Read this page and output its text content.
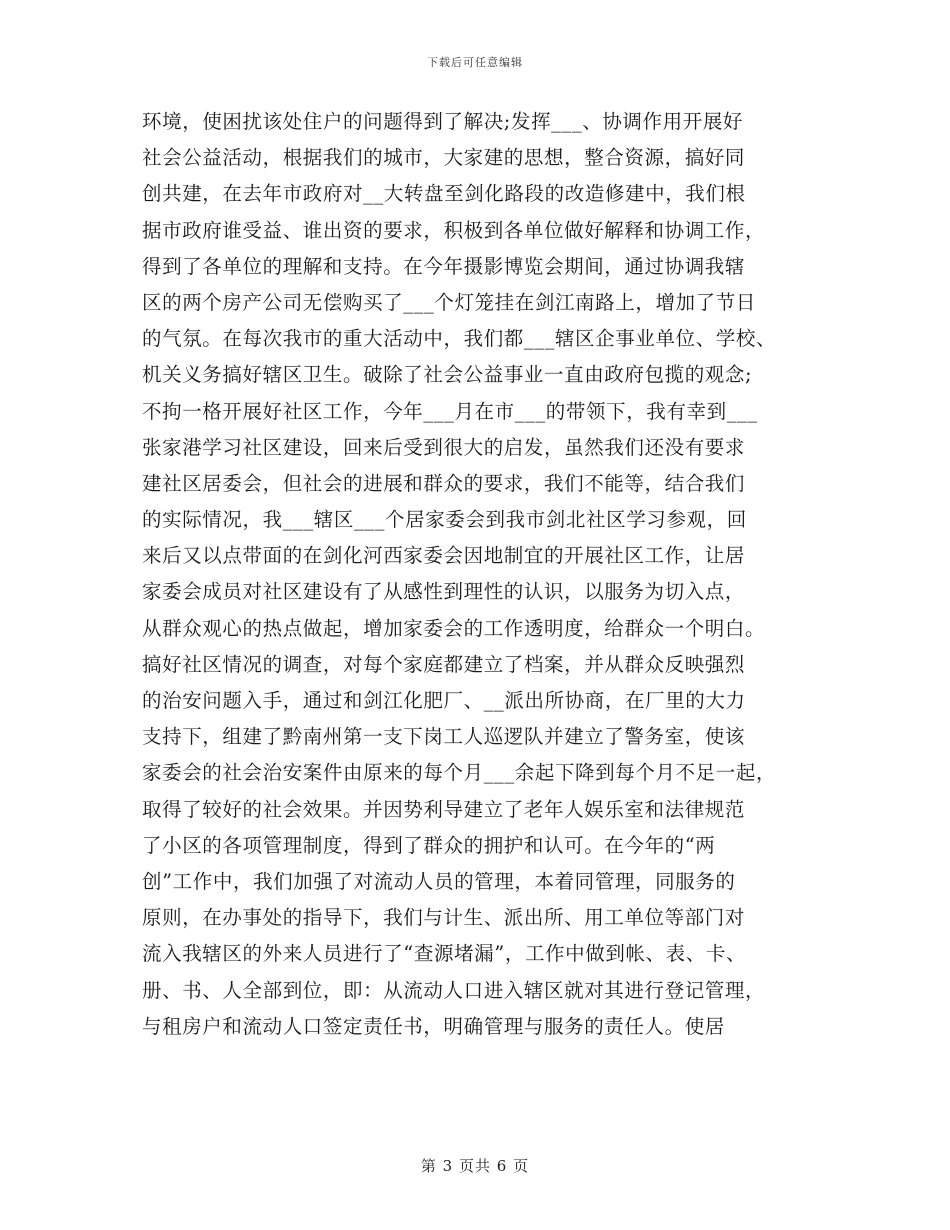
下载后可任意编辑
环境，使困扰该处住户的问题得到了解决;发挥___、协调作用开展好
社会公益活动，根据我们的城市，大家建的思想，整合资源，搞好同
创共建，在去年市政府对__大转盘至剑化路段的改造修建中，我们根
据市政府谁受益、谁出资的要求，积极到各单位做好解释和协调工作，
得到了各单位的理解和支持。在今年摄影博览会期间，通过协调我辖
区的两个房产公司无偿购买了___个灯笼挂在剑江南路上，增加了节日
的气氛。在每次我市的重大活动中，我们都___辖区企事业单位、学校、
机关义务搞好辖区卫生。破除了社会公益事业一直由政府包揽的观念;
不拘一格开展好社区工作，今年___月在市___的带领下，我有幸到___
张家港学习社区建设，回来后受到很大的启发，虽然我们还没有要求
建社区居委会，但社会的进展和群众的要求，我们不能等，结合我们
的实际情况，我___辖区___个居家委会到我市剑北社区学习参观，回
来后又以点带面的在剑化河西家委会因地制宜的开展社区工作，让居
家委会成员对社区建设有了从感性到理性的认识，以服务为切入点，
从群众观心的热点做起，增加家委会的工作透明度，给群众一个明白。
搞好社区情况的调查，对每个家庭都建立了档案，并从群众反映强烈
的治安问题入手，通过和剑江化肥厂、__派出所协商，在厂里的大力
支持下，组建了黔南州第一支下岗工人巡逻队并建立了警务室，使该
家委会的社会治安案件由原来的每个月___余起下降到每个月不足一起，
取得了较好的社会效果。并因势利导建立了老年人娱乐室和法律规范
了小区的各项管理制度，得到了群众的拥护和认可。在今年的“两
创”工作中，我们加强了对流动人员的管理，本着同管理，同服务的
原则，在办事处的指导下，我们与计生、派出所、用工单位等部门对
流入我辖区的外来人员进行了“查源堵漏”，工作中做到帐、表、卡、
册、书、人全部到位，即：从流动人口进入辖区就对其进行登记管理，
与租房户和流动人口签定责任书，明确管理与服务的责任人。使居
第 3 页共 6 页
